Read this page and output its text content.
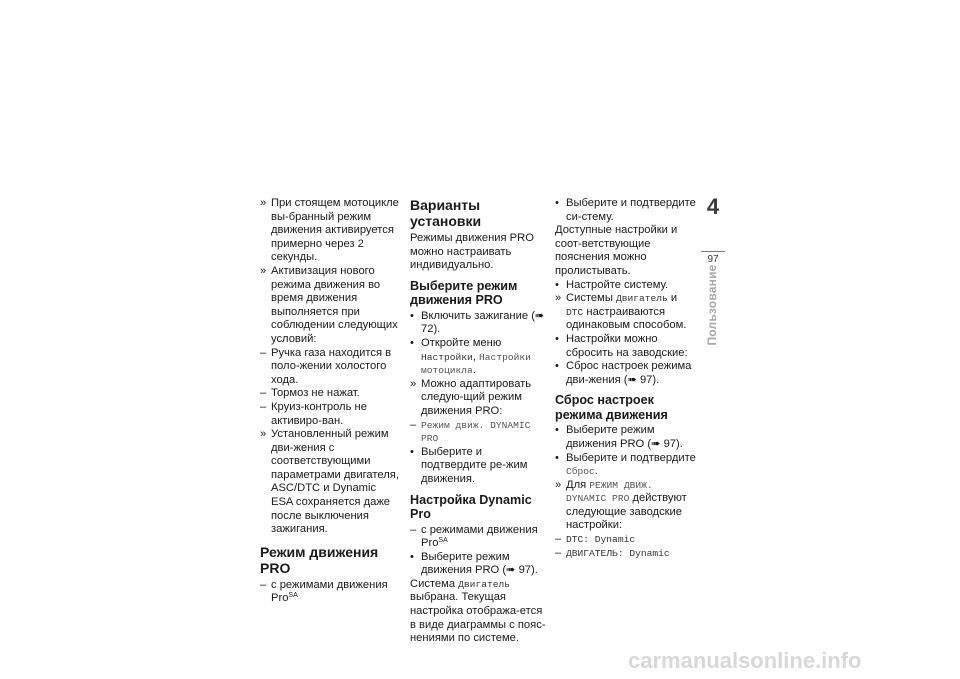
» При стоящем мотоцикле вы-бранный режим движения активируется примерно через 2 секунды.
» Активизация нового режима движения во время движения выполняется при соблюдении следующих условий:
– Ручка газа находится в поло-жении холостого хода.
– Тормоз не нажат.
– Круиз-контроль не активиро-ван.
» Установленный режим дви-жения с соответствующими параметрами двигателя, ASC/DTC и Dynamic ESA сохраняется даже после выключения зажигания.
Режим движения PRO
– с режимами движения Pro$^{SA}$
Варианты установки

Режимы движения PRO можно настраивать индивидуально.

Выберите режим движения PRO
• Включить зажигание (➠ 72).
• Откройте меню Настройки, Настройки мотоцикла.
» Можно адаптировать следую-щий режим движения PRO:
– Режим движ. DYNAMIC PRO
• Выберите и подтвердите ре-жим движения.
Настройка Dynamic Pro
– с режимами движения Pro$^{SA}$
• Выберите режим движения PRO (➠ 97).

Система Двигатель выбрана. Текущая настройка отобража-ется в виде диаграммы с пояс-нениями по системе.

• Выберите и подтвердите си-стему.

Доступные настройки и соот-ветствующие пояснения можно пролистывать.

• Настройте систему.
» Системы Двигатель и DTC настраиваются одинаковым способом.
• Настройки можно сбросить на заводские:
• Сброс настроек режима дви-жения (➠ 97).
Сброс настроек режима движения
• Выберите режим движения PRO (➠ 97).
• Выберите и подтвердите Сброс.
» Для РЕЖИМ ДВИЖ. DYNAMIC PRO действуют следующие заводские настройки:
– DTC: Dynamic
– ДВИГАТЕЛЬ: Dynamic
4
97
Пользование
carmanualsonline.info
